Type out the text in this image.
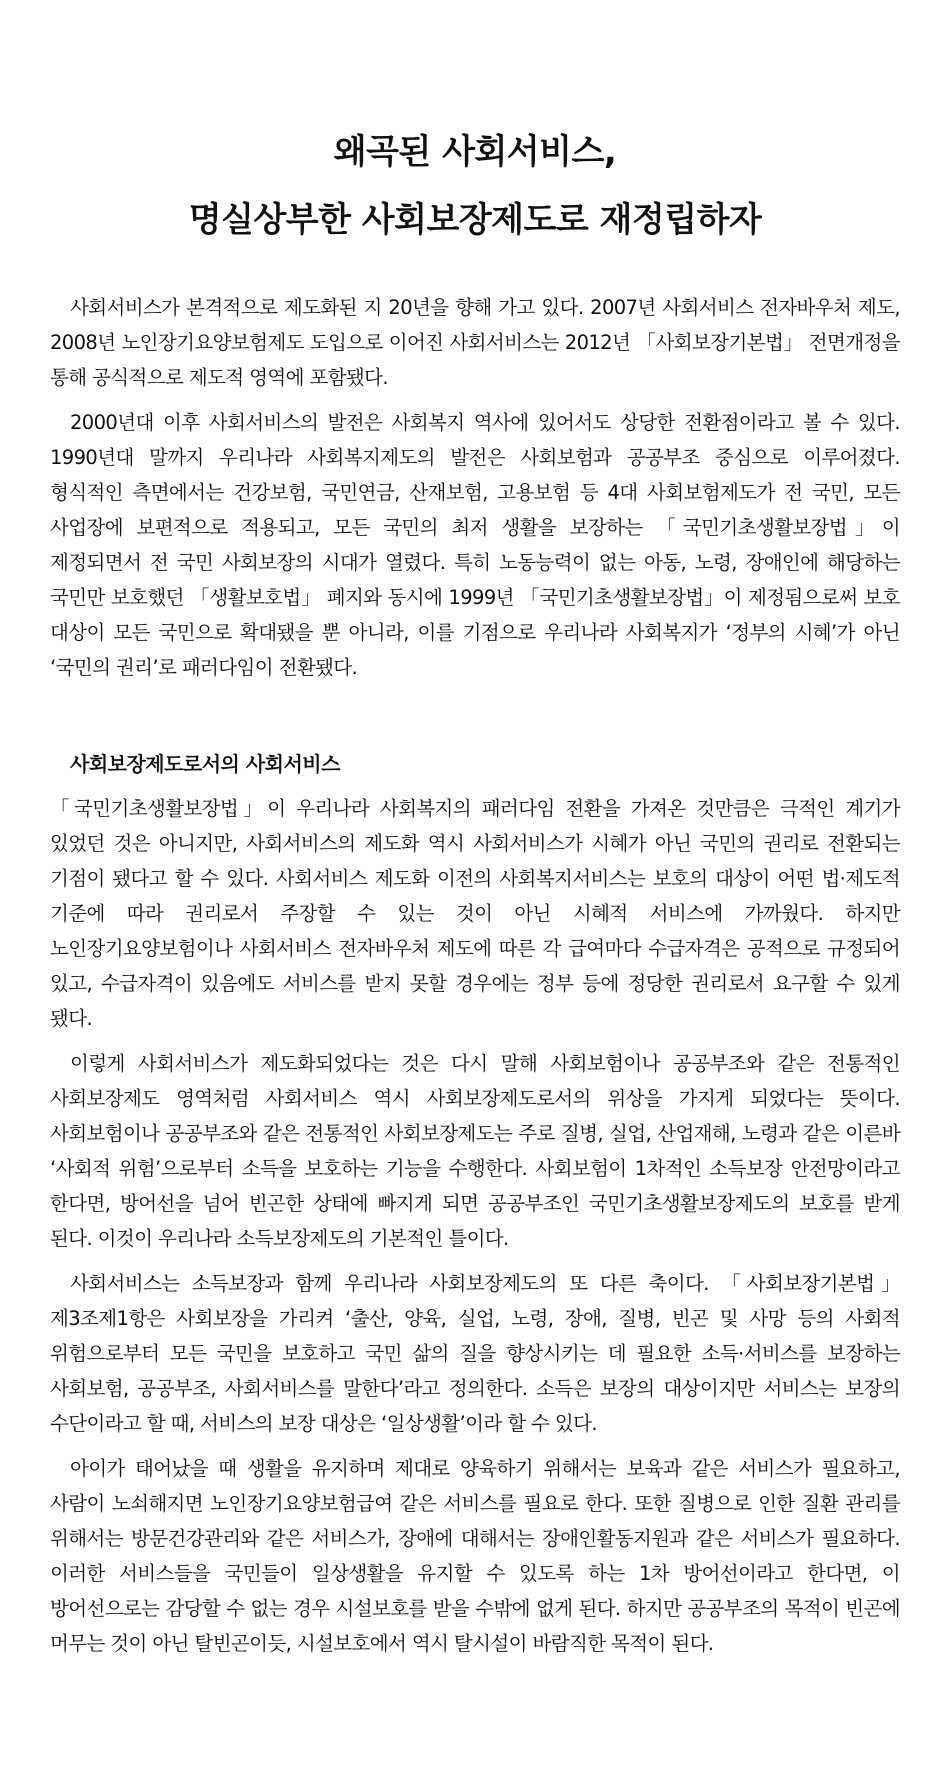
왜곡된 사회서비스,
명실상부한 사회보장제도로 재정립하자

사회서비스가 본격적으로 제도화된 지 20년을 향해 가고 있다. 2007년 사회서비스 전자바우처 제도, 2008년 노인장기요양보험제도 도입으로 이어진 사회서비스는 2012년 「사회보장기본법」 전면개정을 통해 공식적으로 제도적 영역에 포함됐다.

2000년대 이후 사회서비스의 발전은 사회복지 역사에 있어서도 상당한 전환점이라고 볼 수 있다. 1990년대 말까지 우리나라 사회복지제도의 발전은 사회보험과 공공부조 중심으로 이루어졌다. 형식적인 측면에서는 건강보험, 국민연금, 산재보험, 고용보험 등 4대 사회보험제도가 전 국민, 모든 사업장에 보편적으로 적용되고, 모든 국민의 최저 생활을 보장하는 「국민기초생활보장법」이 제정되면서 전 국민 사회보장의 시대가 열렸다. 특히 노동능력이 없는 아동, 노령, 장애인에 해당하는 국민만 보호했던 「생활보호법」 폐지와 동시에 1999년 「국민기초생활보장법」이 제정됨으로써 보호 대상이 모든 국민으로 확대됐을 뿐 아니라, 이를 기점으로 우리나라 사회복지가 ‘정부의 시혜’가 아닌 ‘국민의 권리’로 패러다임이 전환됐다.

사회보장제도로서의 사회서비스

「국민기초생활보장법」이 우리나라 사회복지의 패러다임 전환을 가져온 것만큼은 극적인 계기가 있었던 것은 아니지만, 사회서비스의 제도화 역시 사회서비스가 시혜가 아닌 국민의 권리로 전환되는 기점이 됐다고 할 수 있다. 사회서비스 제도화 이전의 사회복지서비스는 보호의 대상이 어떤 법·제도적 기준에 따라 권리로서 주장할 수 있는 것이 아닌 시혜적 서비스에 가까웠다. 하지만 노인장기요양보험이나 사회서비스 전자바우처 제도에 따른 각 급여마다 수급자격은 공적으로 규정되어 있고, 수급자격이 있음에도 서비스를 받지 못할 경우에는 정부 등에 정당한 권리로서 요구할 수 있게 됐다.

이렇게 사회서비스가 제도화되었다는 것은 다시 말해 사회보험이나 공공부조와 같은 전통적인 사회보장제도 영역처럼 사회서비스 역시 사회보장제도로서의 위상을 가지게 되었다는 뜻이다. 사회보험이나 공공부조와 같은 전통적인 사회보장제도는 주로 질병, 실업, 산업재해, 노령과 같은 이른바 ‘사회적 위험’으로부터 소득을 보호하는 기능을 수행한다. 사회보험이 1차적인 소득보장 안전망이라고 한다면, 방어선을 넘어 빈곤한 상태에 빠지게 되면 공공부조인 국민기초생활보장제도의 보호를 받게 된다. 이것이 우리나라 소득보장제도의 기본적인 틀이다.

사회서비스는 소득보장과 함께 우리나라 사회보장제도의 또 다른 축이다. 「사회보장기본법」 제3조제1항은 사회보장을 가리켜 ‘출산, 양육, 실업, 노령, 장애, 질병, 빈곤 및 사망 등의 사회적 위험으로부터 모든 국민을 보호하고 국민 삶의 질을 향상시키는 데 필요한 소득·서비스를 보장하는 사회보험, 공공부조, 사회서비스를 말한다’라고 정의한다. 소득은 보장의 대상이지만 서비스는 보장의 수단이라고 할 때, 서비스의 보장 대상은 ‘일상생활’이라 할 수 있다.

아이가 태어났을 때 생활을 유지하며 제대로 양육하기 위해서는 보육과 같은 서비스가 필요하고, 사람이 노쇠해지면 노인장기요양보험급여 같은 서비스를 필요로 한다. 또한 질병으로 인한 질환 관리를 위해서는 방문건강관리와 같은 서비스가, 장애에 대해서는 장애인활동지원과 같은 서비스가 필요하다. 이러한 서비스들을 국민들이 일상생활을 유지할 수 있도록 하는 1차 방어선이라고 한다면, 이 방어선으로는 감당할 수 없는 경우 시설보호를 받을 수밖에 없게 된다. 하지만 공공부조의 목적이 빈곤에 머무는 것이 아닌 탈빈곤이듯, 시설보호에서 역시 탈시설이 바람직한 목적이 된다.
